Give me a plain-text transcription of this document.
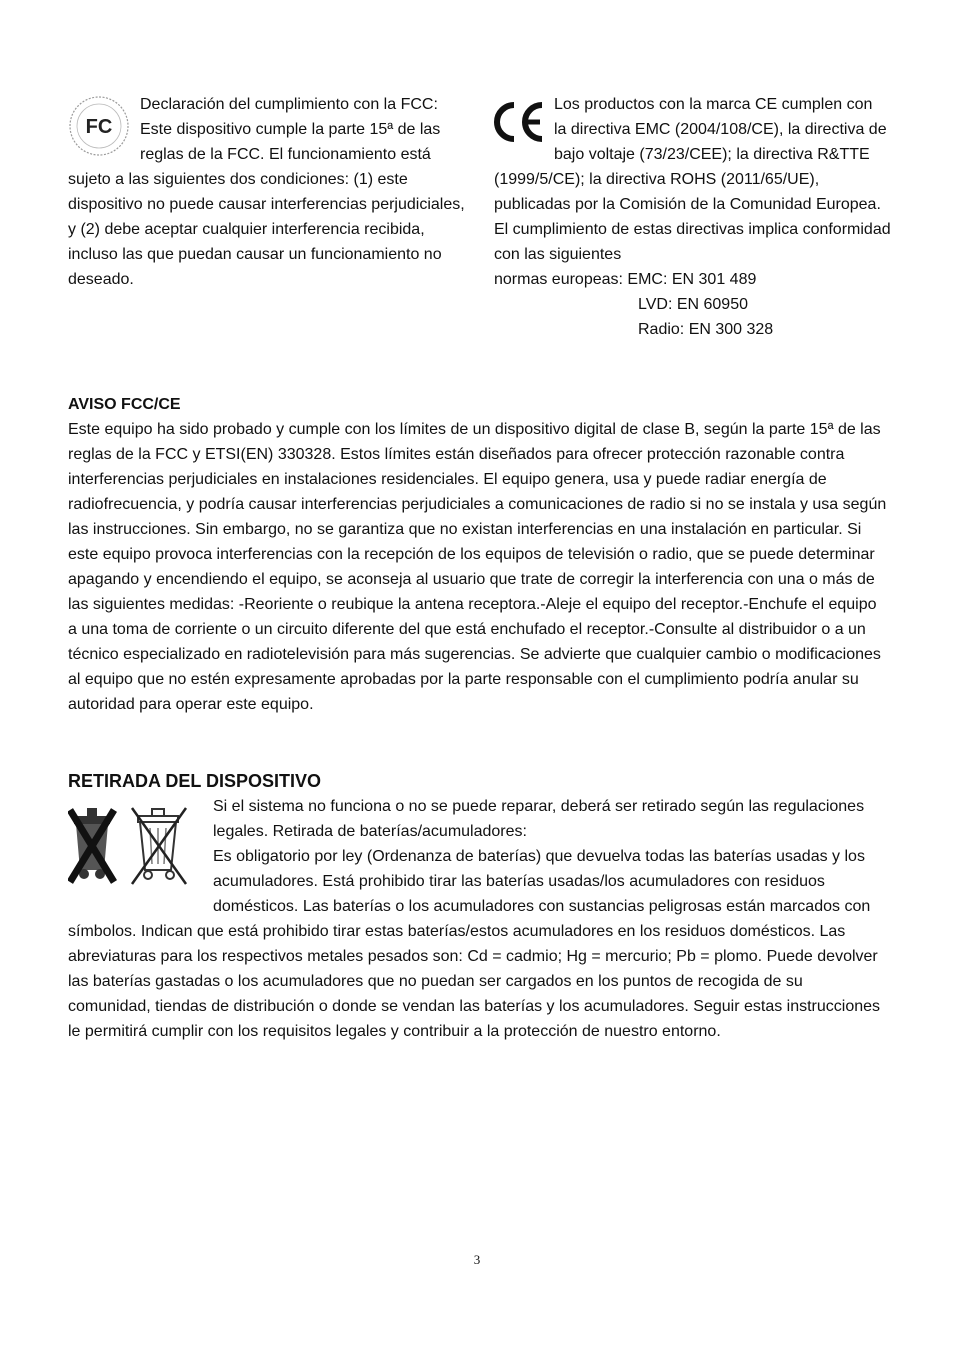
FC

Declaración del cumplimiento con la FCC: Este dispositivo cumple la parte 15ª de las reglas de la FCC. El funcionamiento está sujeto a las siguientes dos condiciones: (1) este dispositivo no puede causar interferencias perjudiciales, y (2) debe aceptar cualquier interferencia recibida, incluso las que puedan causar un funcionamiento no deseado.

Los productos con la marca CE cumplen con

la directiva EMC (2004/108/CE), la directiva de bajo voltaje (73/23/CEE); la directiva R&TTE (1999/5/CE); la directiva ROHS (2011/65/UE), publicadas por la Comisión de la Comunidad Europea. El cumplimiento de estas directivas implica conformidad con las siguientes

normas europeas: EMC: EN 301 489

LVD: EN 60950

Radio: EN 300 328

AVISO FCC/CE

Este equipo ha sido probado y cumple con los límites de un dispositivo digital de clase B, según la parte 15ª de las reglas de la FCC y ETSI(EN) 330328. Estos límites están diseñados para ofrecer protección razonable contra interferencias perjudiciales en instalaciones residenciales. El equipo genera, usa y puede radiar energía de radiofrecuencia, y podría causar interferencias perjudiciales a comunicaciones de radio si no se instala y usa según las instrucciones. Sin embargo, no se garantiza que no existan interferencias en una instalación en particular. Si este equipo provoca interferencias con la recepción de los equipos de televisión o radio, que se puede determinar apagando y encendiendo el equipo, se aconseja al usuario que trate de corregir la interferencia con una o más de las siguientes medidas: -Reoriente o reubique la antena receptora.-Aleje el equipo del receptor.-Enchufe el equipo a una toma de corriente o un circuito diferente del que está enchufado el receptor.-Consulte al distribuidor o a un técnico especializado en radiotelevisión para más sugerencias. Se advierte que cualquier cambio o modificaciones al equipo que no estén expresamente aprobadas por la parte responsable con el cumplimiento podría anular su autoridad para operar este equipo.

RETIRADA DEL DISPOSITIVO

Si el sistema no funciona o no se puede reparar, deberá ser retirado según las regulaciones legales. Retirada de baterías/acumuladores:

Es obligatorio por ley (Ordenanza de baterías) que devuelva todas las baterías usadas y los acumuladores. Está prohibido tirar las baterías usadas/los acumuladores con residuos domésticos. Las baterías o los acumuladores con sustancias peligrosas están marcados con símbolos. Indican que está prohibido tirar estas baterías/estos acumuladores en los residuos domésticos. Las abreviaturas para los respectivos metales pesados son: Cd = cadmio; Hg = mercurio; Pb = plomo. Puede devolver las baterías gastadas o los acumuladores que no puedan ser cargados en los puntos de recogida de su comunidad, tiendas de distribución o donde se vendan las baterías y los acumuladores. Seguir estas instrucciones le permitirá cumplir con los requisitos legales y contribuir a la protección de nuestro entorno.

3
